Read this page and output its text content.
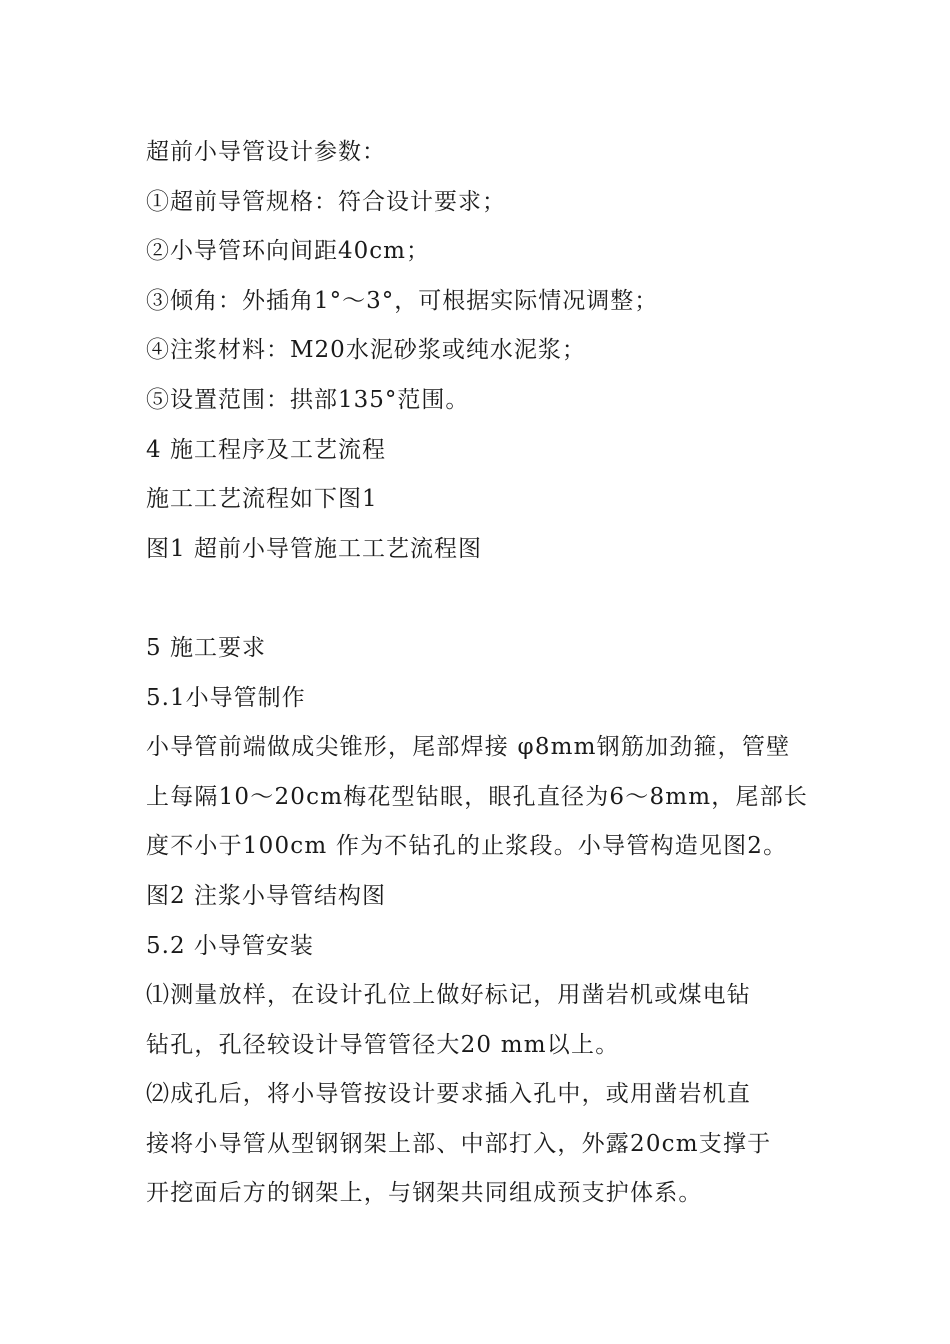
超前小导管设计参数：
①超前导管规格：符合设计要求；
②小导管环向间距40cm；
③倾角：外插角1°～3°，可根据实际情况调整；
④注浆材料：M20水泥砂浆或纯水泥浆；
⑤设置范围：拱部135°范围。
4 施工程序及工艺流程
施工工艺流程如下图1
图1 超前小导管施工工艺流程图
5 施工要求
5.1小导管制作
小导管前端做成尖锥形，尾部焊接 φ8mm钢筋加劲箍，管壁
上每隔10～20cm梅花型钻眼，眼孔直径为6～8mm，尾部长
度不小于100cm 作为不钻孔的止浆段。小导管构造见图2。
图2 注浆小导管结构图
5.2 小导管安装
⑴测量放样，在设计孔位上做好标记，用凿岩机或煤电钻
钻孔，孔径较设计导管管径大20 mm以上。
⑵成孔后，将小导管按设计要求插入孔中，或用凿岩机直
接将小导管从型钢钢架上部、中部打入，外露20cm支撑于
开挖面后方的钢架上，与钢架共同组成预支护体系。
